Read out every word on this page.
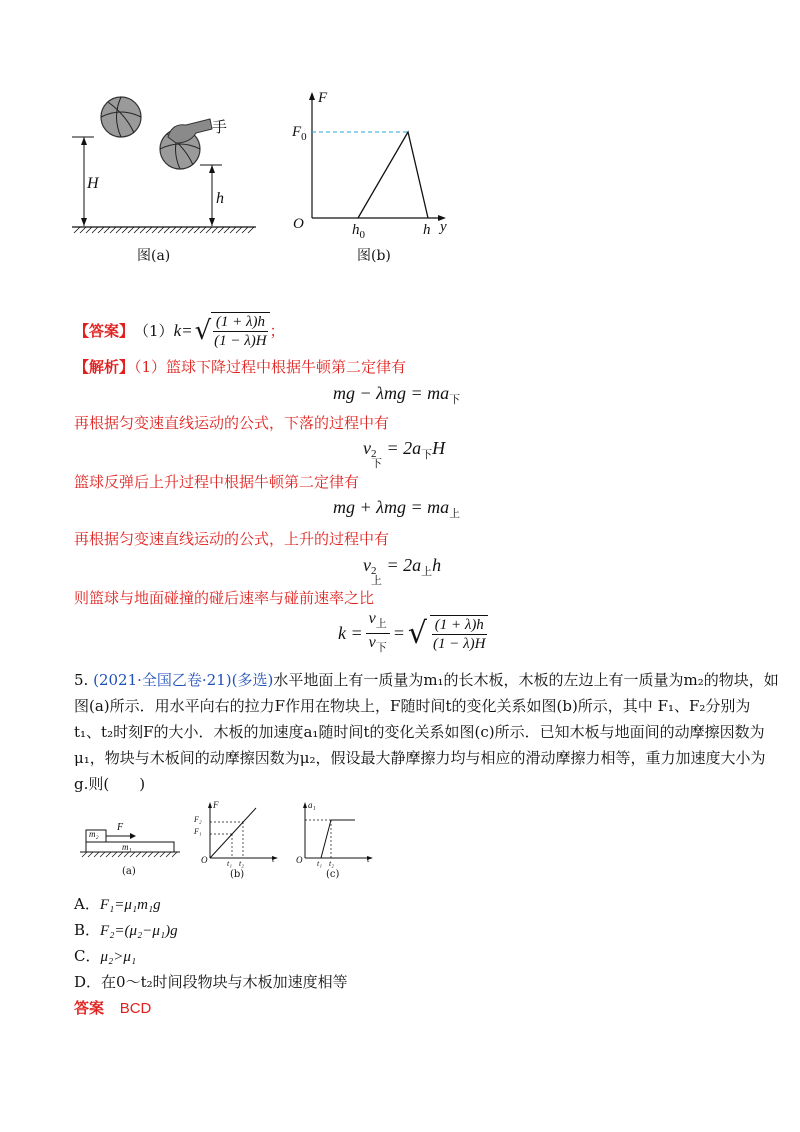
手
H
h
图(a)
F
$F_0$
O	$h_0$	h y
图(b)
【答案】 （1） k= √ $\frac{(1 + \lambda)h}{(1 - \lambda)H}$ ；
【解析】（1）篮球下降过程中根据牛顿第二定律有
mg − $\lambda mg = ma_下$
再根据匀变速直线运动的公式，下落的过程中有
v 2
下
= $2a_下H$
篮球反弹后上升过程中根据牛顿第二定律有
mg + $\lambda mg = ma_上$
再根据匀变速直线运动的公式，上升的过程中有
v 2
上
= $2a_上h$
则篮球与地面碰撞的碰后速率与碰前速率之比
$k = \frac{v_上}{v_下}$ = √ $\frac{(1 + \lambda)h}{(1 - \lambda)H}$
5. (2021·全国乙卷·21)(多选)水平地面上有一质量为m₁的长木板，木板的左边上有一质量为m₂的物块，如
图(a)所示．用水平向右的拉力F作用在物块上，F随时间t的变化关系如图(b)所示，其中 F₁、F₂分别为
t₁、t₂时刻F的大小．木板的加速度a₁随时间t的变化关系如图(c)所示．已知木板与地面间的动摩擦因数为
μ₁，物块与木板间的动摩擦因数为μ₂，假设最大静摩擦力均与相应的滑动摩擦力相等，重力加速度大小为
g.则(　　)
m₂
F
m₁
(a)
F
F₂
F₁
O t₁ t₂	t
(b)
a₁
O t₁ t₂	t
(c)
A．F₁=μ₁m₁g
B．F₂=(μ₂−μ₁)g
C．μ₂>μ₁
D．在0～t₂时间段物块与木板加速度相等
答案 BCD
